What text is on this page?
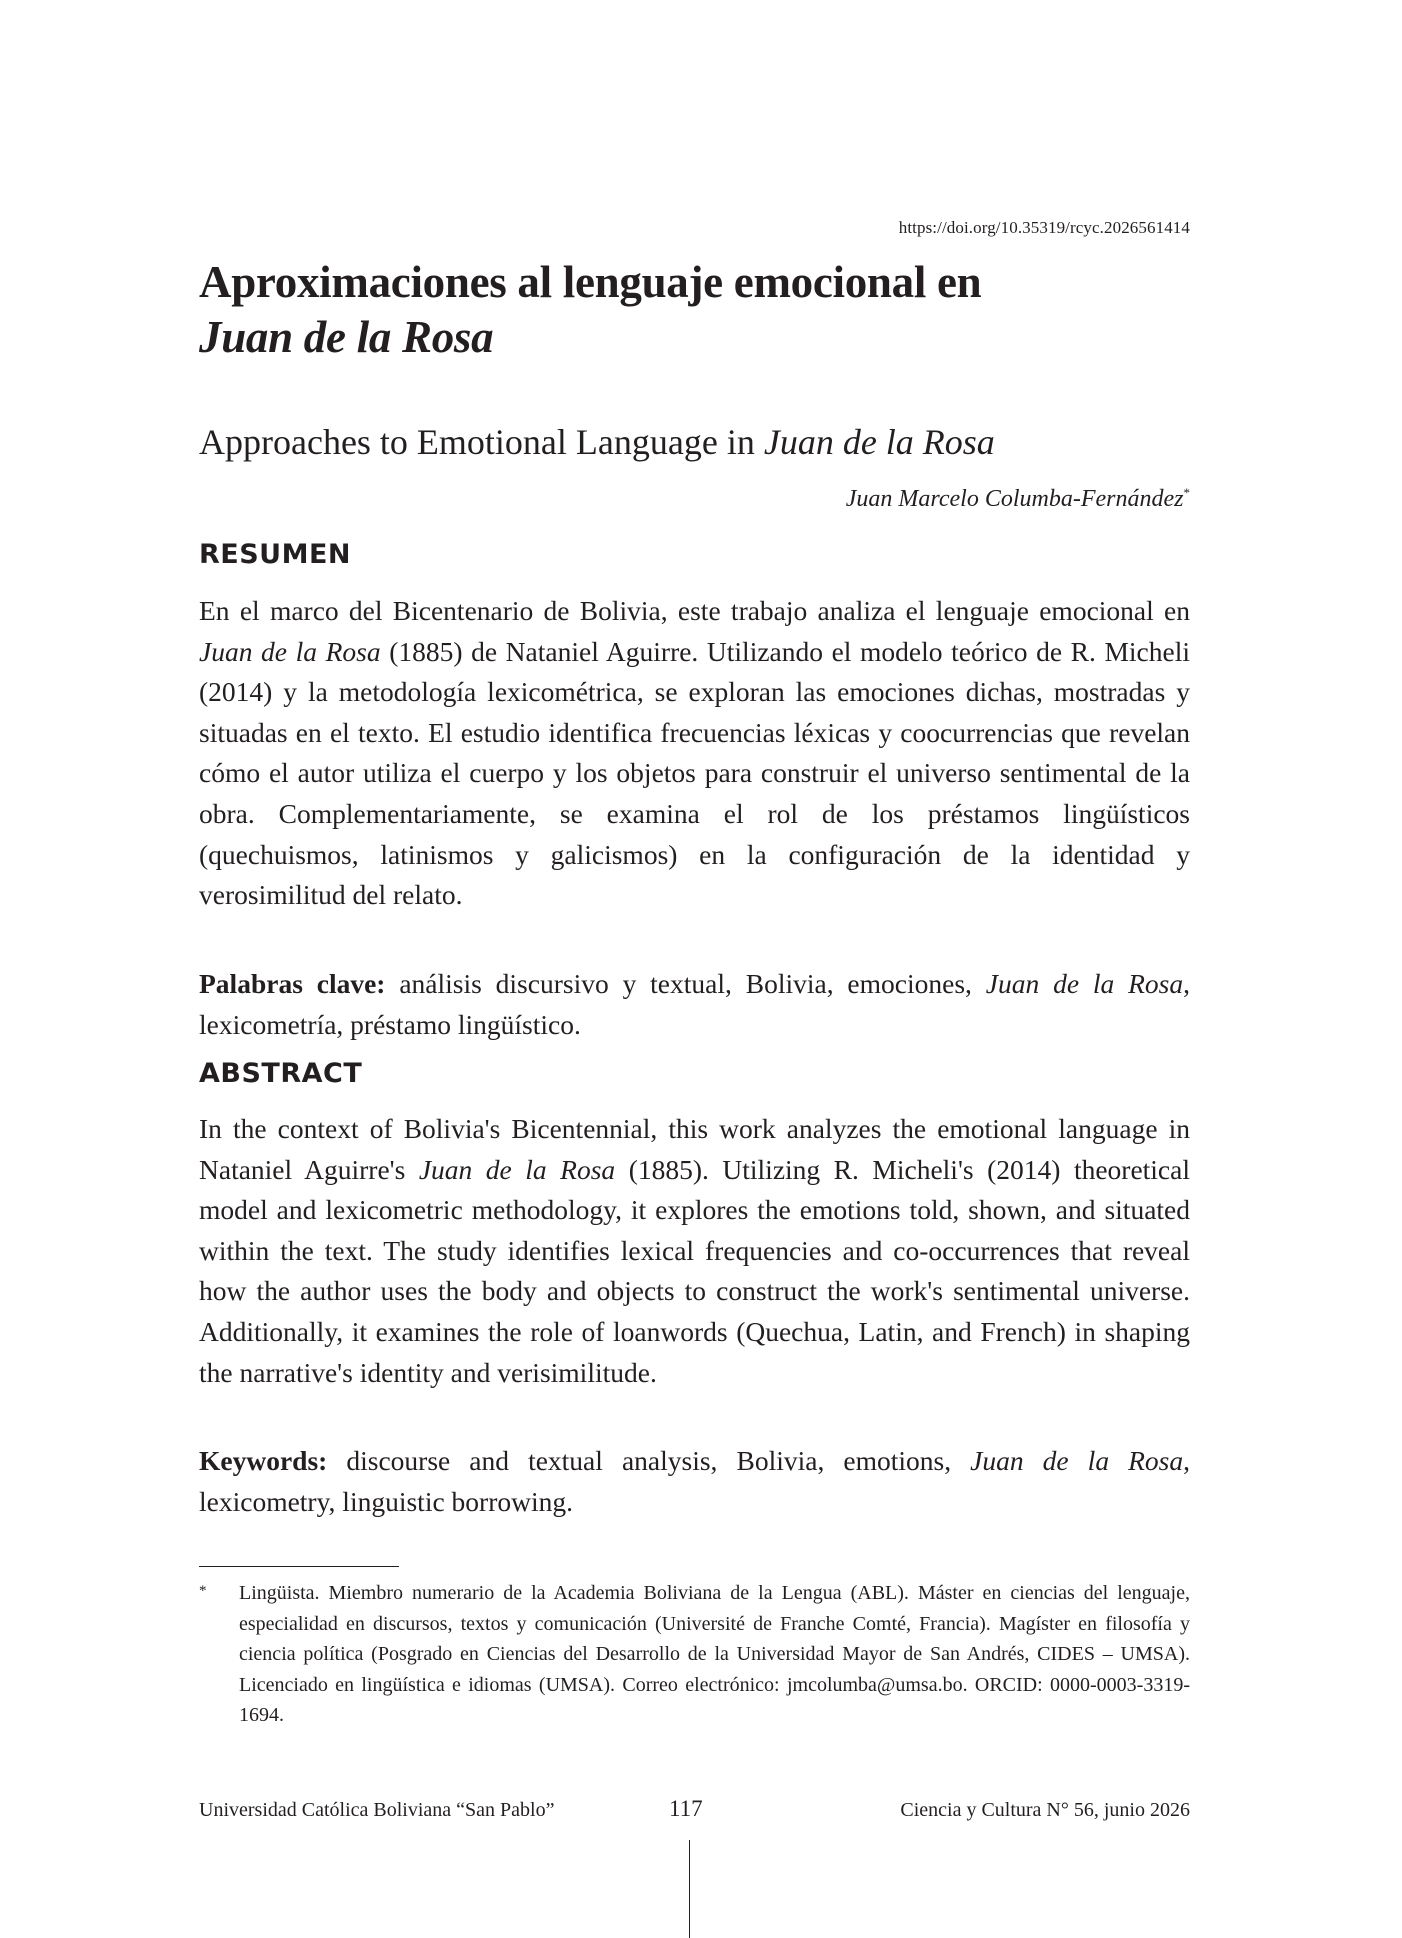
https://doi.org/10.35319/rcyc.2026561414
Aproximaciones al lenguaje emocional en
Juan de la Rosa
Approaches to Emotional Language in Juan de la Rosa
Juan Marcelo Columba-Fernández*
RESUMEN

En el marco del Bicentenario de Bolivia, este trabajo analiza el lenguaje emocional en Juan de la Rosa (1885) de Nataniel Aguirre. Utilizando el modelo teórico de R. Micheli (2014) y la metodología lexicométrica, se exploran las emociones dichas, mostradas y situadas en el texto. El estudio identifica frecuencias léxicas y coocurrencias que revelan cómo el autor utiliza el cuerpo y los objetos para construir el universo sentimental de la obra. Complementariamente, se examina el rol de los préstamos lingüísticos (quechuismos, latinismos y galicismos) en la configuración de la identidad y verosimilitud del relato.

Palabras clave: análisis discursivo y textual, Bolivia, emociones, Juan de la Rosa, lexicometría, préstamo lingüístico.

ABSTRACT

In the context of Bolivia's Bicentennial, this work analyzes the emotional language in Nataniel Aguirre's Juan de la Rosa (1885). Utilizing R. Micheli's (2014) theoretical model and lexicometric methodology, it explores the emotions told, shown, and situated within the text. The study identifies lexical frequencies and co-occurrences that reveal how the author uses the body and objects to construct the work's sentimental universe. Additionally, it examines the role of loanwords (Quechua, Latin, and French) in shaping the narrative's identity and verisimilitude.

Keywords: discourse and textual analysis, Bolivia, emotions, Juan de la Rosa, lexicometry, linguistic borrowing.

* Lingüista. Miembro numerario de la Academia Boliviana de la Lengua (ABL). Máster en ciencias del lenguaje, especialidad en discursos, textos y comunicación (Université de Franche Comté, Francia). Magíster en filosofía y ciencia política (Posgrado en Ciencias del Desarrollo de la Universidad Mayor de San Andrés, CIDES – UMSA). Licenciado en lingüística e idiomas (UMSA). Correo electrónico: jmcolumba@umsa.bo. ORCID: 0000-0003-3319-1694.
Universidad Católica Boliviana “San Pablo”	117	Ciencia y Cultura N° 56, junio 2026
